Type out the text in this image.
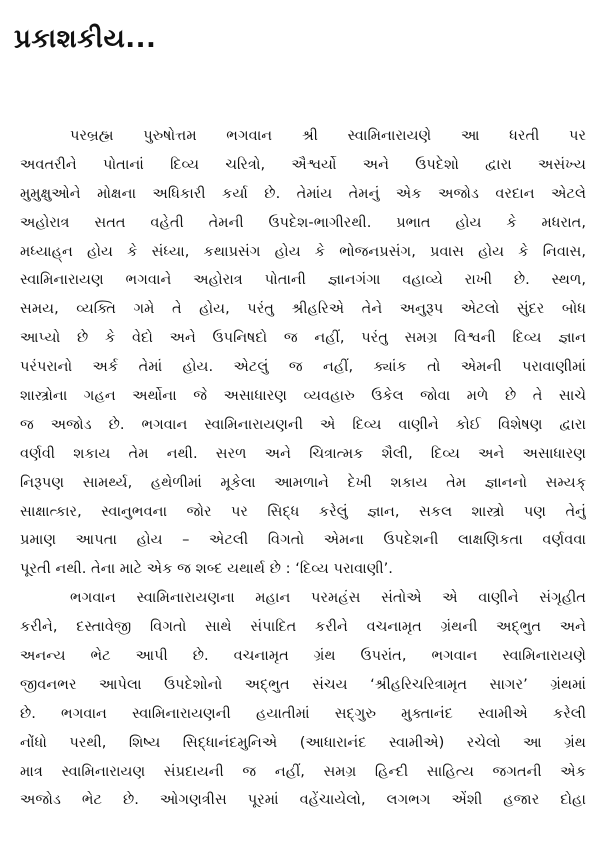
પ્રકાશકીય...
પરબ્રહ્મ પુરુષોત્તમ ભગવાન શ્રી સ્વામિનારાયણે આ ધરતી પર
અવતરીને પોતાનાં દિવ્ય ચરિત્રો, ઐશ્વર્યો અને ઉપદેશો દ્વારા અસંખ્ય
મુમુક્ષુઓને મોક્ષના અધિકારી કર્યા છે. તેમાંય તેમનું એક અજોડ વરદાન એટલે
અહોરાત્ર સતત વહેતી તેમની ઉપદેશ-ભાગીરથી. પ્રભાત હોય કે મધરાત,
મધ્યાહ્‌ન હોય કે સંધ્યા, કથાપ્રસંગ હોય કે ભોજનપ્રસંગ, પ્રવાસ હોય કે નિવાસ,
સ્વામિનારાયણ ભગવાને અહોરાત્ર પોતાની જ્ઞાનગંગા વહાવ્યે રાખી છે. સ્થળ,
સમય, વ્યક્તિ ગમે તે હોય, પરંતુ શ્રીહરિએ તેને અનુરૂપ એટલો સુંદર બોધ
આપ્યો છે કે વેદો અને ઉપનિષદો જ નહીં, પરંતુ સમગ્ર વિશ્વની દિવ્ય જ્ઞાન
પરંપરાનો અર્ક તેમાં હોય. એટલું જ નહીં, ક્યાંક તો એમની પરાવાણીમાં
શાસ્ત્રોના ગહન અર્થોના જે અસાધારણ વ્યવહારુ ઉકેલ જોવા મળે છે તે સાચે
જ અજોડ છે. ભગવાન સ્વામિનારાયણની એ દિવ્ય વાણીને કોઈ વિશેષણ દ્વારા
વર્ણવી શકાય તેમ નથી. સરળ અને ચિત્રાત્મક શૈલી, દિવ્ય અને અસાધારણ
નિરૂપણ સામર્થ્ય, હથેળીમાં મૂકેલા આમળાને દેખી શકાય તેમ જ્ઞાનનો સમ્યક્
સાક્ષાત્કાર, સ્વાનુભવના જોર પર સિદ્ધ કરેલું જ્ઞાન, સકલ શાસ્ત્રો પણ તેનું
પ્રમાણ આપતા હોય – એટલી વિગતો એમના ઉપદેશની લાક્ષણિકતા વર્ણવવા
પૂરતી નથી. તેના માટે એક જ શબ્દ યથાર્થ છે : ‘દિવ્ય પરાવાણી’.
ભગવાન સ્વામિનારાયણના મહાન પરમહંસ સંતોએ એ વાણીને સંગૃહીત
કરીને, દસ્તાવેજી વિગતો સાથે સંપાદિત કરીને વચનામૃત ગ્રંથની અદ્‌ભુત અને
અનન્ય ભેટ આપી છે. વચનામૃત ગ્રંથ ઉપરાંત, ભગવાન સ્વામિનારાયણે
જીવનભર આપેલા ઉપદેશોનો અદ્‌ભુત સંચય ‘શ્રીહરિચરિત્રામૃત સાગર’ ગ્રંથમાં
છે. ભગવાન સ્વામિનારાયણની હયાતીમાં સદ્‌ગુરુ મુક્તાનંદ સ્વામીએ કરેલી
નોંધો પરથી, શિષ્ય સિદ્ધાનંદમુનિએ (આધારાનંદ સ્વામીએ) રચેલો આ ગ્રંથ
માત્ર સ્વામિનારાયણ સંપ્રદાયની જ નહીં, સમગ્ર હિન્દી સાહિત્ય જગતની એક
અજોડ ભેટ છે. ઓગણત્રીસ પૂરમાં વહેંચાયેલો, લગભગ એંશી હજાર દોહા
